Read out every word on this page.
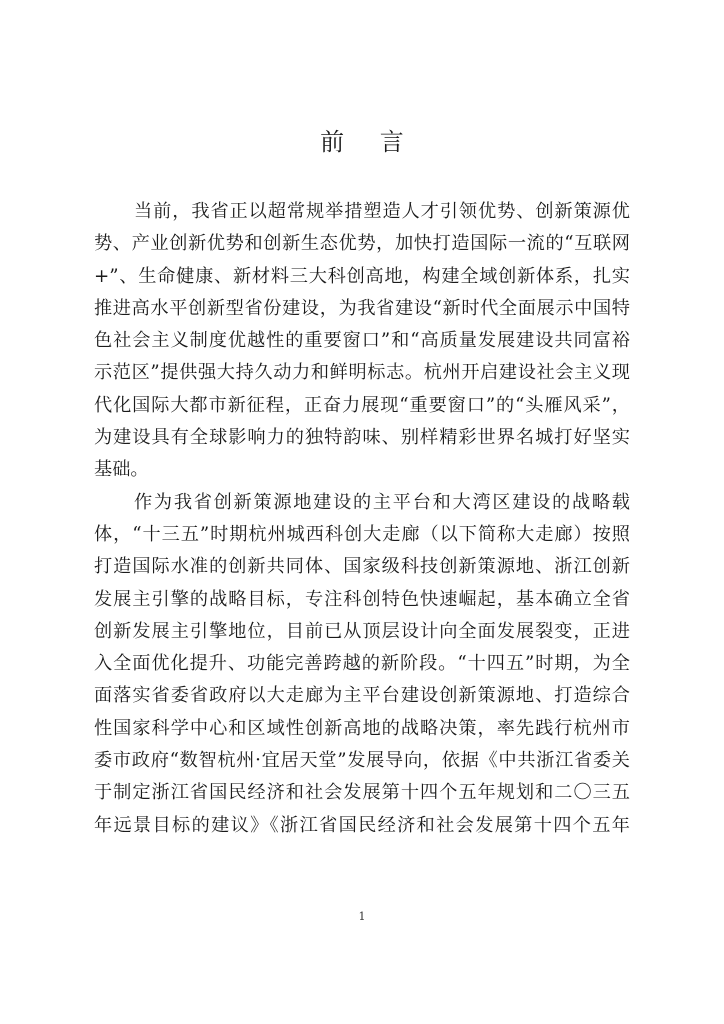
前 言
当前，我省正以超常规举措塑造人才引领优势、创新策源优
势、产业创新优势和创新生态优势，加快打造国际一流的“互联网
+”、生命健康、新材料三大科创高地，构建全域创新体系，扎实
推进高水平创新型省份建设，为我省建设“新时代全面展示中国特
色社会主义制度优越性的重要窗口”和“高质量发展建设共同富裕
示范区”提供强大持久动力和鲜明标志。杭州开启建设社会主义现
代化国际大都市新征程，正奋力展现“重要窗口”的“头雁风采”，
为建设具有全球影响力的独特韵味、别样精彩世界名城打好坚实
基础。
作为我省创新策源地建设的主平台和大湾区建设的战略载
体，“十三五”时期杭州城西科创大走廊（以下简称大走廊）按照
打造国际水准的创新共同体、国家级科技创新策源地、浙江创新
发展主引擎的战略目标，专注科创特色快速崛起，基本确立全省
创新发展主引擎地位，目前已从顶层设计向全面发展裂变，正进
入全面优化提升、功能完善跨越的新阶段。“十四五”时期，为全
面落实省委省政府以大走廊为主平台建设创新策源地、打造综合
性国家科学中心和区域性创新高地的战略决策，率先践行杭州市
委市政府“数智杭州·宜居天堂”发展导向，依据《中共浙江省委关
于制定浙江省国民经济和社会发展第十四个五年规划和二〇三五
年远景目标的建议》《浙江省国民经济和社会发展第十四个五年
1
